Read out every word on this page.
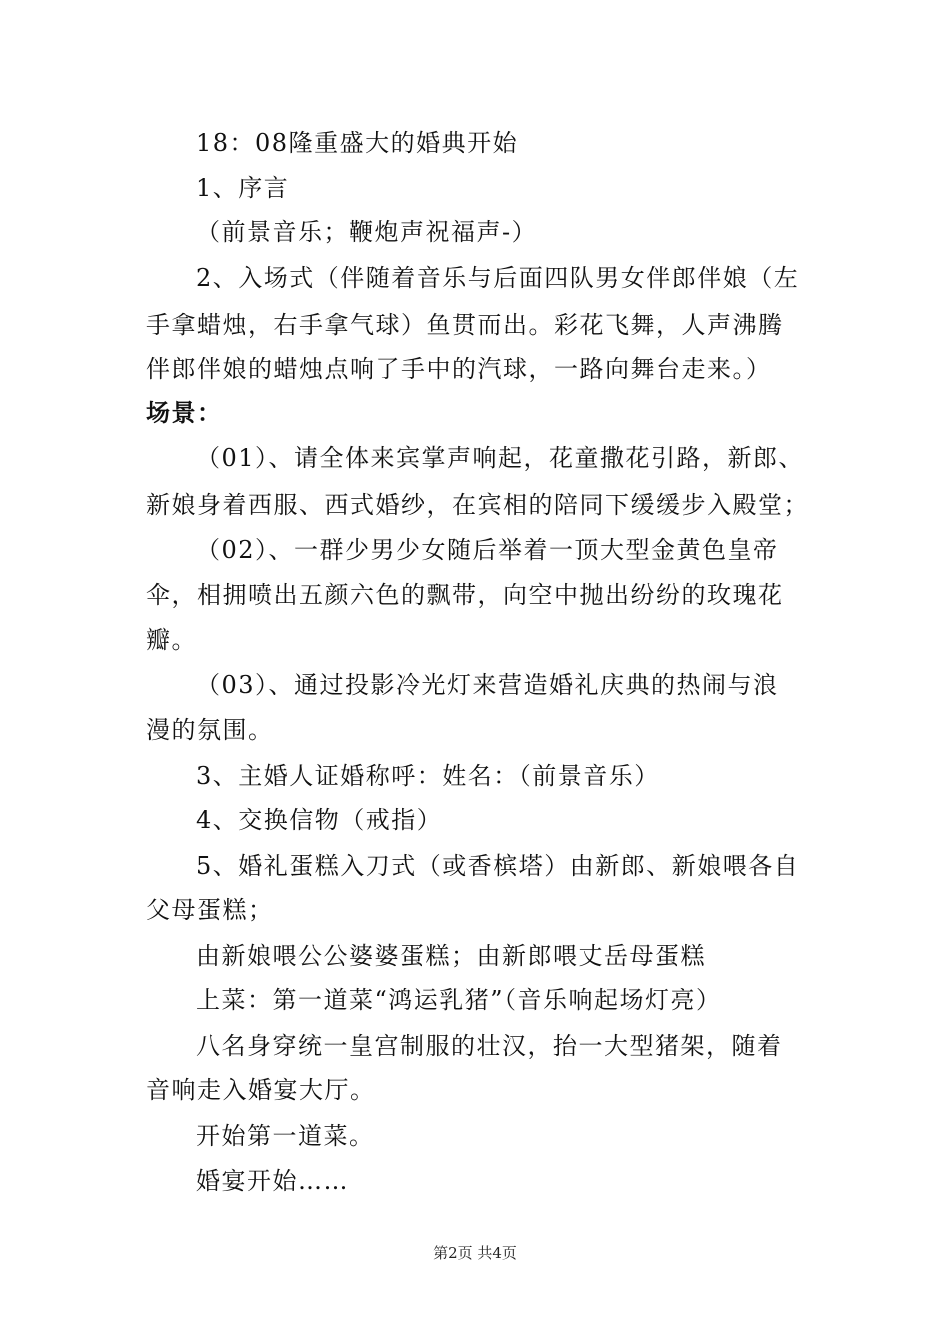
18：08隆重盛大的婚典开始
1、序言
（前景音乐；鞭炮声祝福声-）
2、入场式（伴随着音乐与后面四队男女伴郎伴娘（左
手拿蜡烛，右手拿气球）鱼贯而出。彩花飞舞，人声沸腾
伴郎伴娘的蜡烛点响了手中的汽球，一路向舞台走来。）
场景：
（01）、请全体来宾掌声响起，花童撒花引路，新郎、
新娘身着西服、西式婚纱，在宾相的陪同下缓缓步入殿堂；
（02）、一群少男少女随后举着一顶大型金黄色皇帝
伞，相拥喷出五颜六色的飘带，向空中抛出纷纷的玫瑰花
瓣。
（03）、通过投影冷光灯来营造婚礼庆典的热闹与浪
漫的氛围。
3、主婚人证婚称呼：姓名：（前景音乐）
4、交换信物（戒指）
5、婚礼蛋糕入刀式（或香槟塔）由新郎、新娘喂各自
父母蛋糕；
由新娘喂公公婆婆蛋糕；由新郎喂丈岳母蛋糕
上菜：第一道菜“鸿运乳猪”（音乐响起场灯亮）
八名身穿统一皇宫制服的壮汉，抬一大型猪架，随着
音响走入婚宴大厅。
开始第一道菜。
婚宴开始……
第2页 共4页
